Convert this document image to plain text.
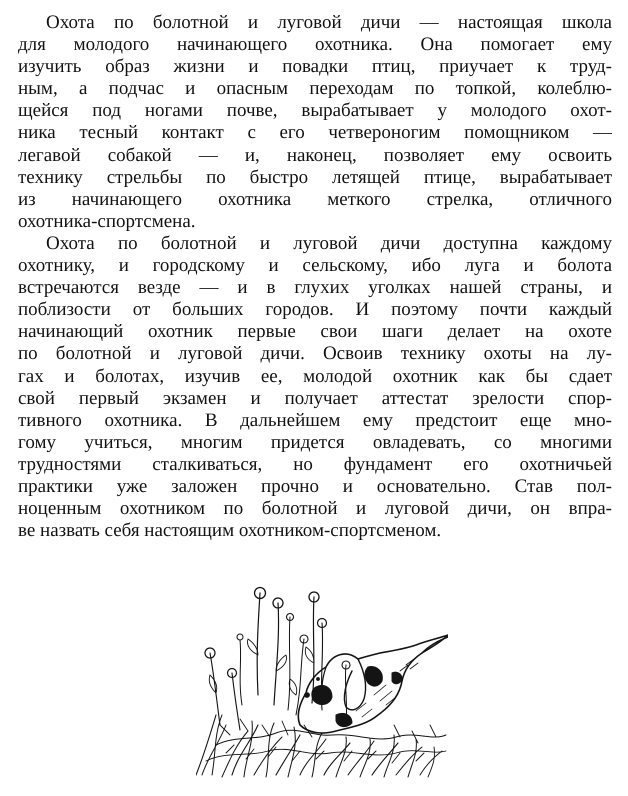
Охота по болотной и луговой дичи — настоящая школа
для молодого начинающего охотника. Она помогает ему
изучить образ жизни и повадки птиц, приучает к труд-
ным, а подчас и опасным переходам по топкой, колеблю-
щейся под ногами почве, вырабатывает у молодого охот-
ника тесный контакт с его четвероногим помощником —
легавой собакой — и, наконец, позволяет ему освоить
технику стрельбы по быстро летящей птице, вырабатывает
из начинающего охотника меткого стрелка, отличного
охотника-спортсмена.

Охота по болотной и луговой дичи доступна каждому
охотнику, и городскому и сельскому, ибо луга и болота
встречаются везде — и в глухих уголках нашей страны, и
поблизости от больших городов. И поэтому почти каждый
начинающий охотник первые свои шаги делает на охоте
по болотной и луговой дичи. Освоив технику охоты на лу-
гах и болотах, изучив ее, молодой охотник как бы сдает
свой первый экзамен и получает аттестат зрелости спор-
тивного охотника. В дальнейшем ему предстоит еще мно-
гому учиться, многим придется овладевать, со многими
трудностями сталкиваться, но фундамент его охотничьей
практики уже заложен прочно и основательно. Став пол-
ноценным охотником по болотной и луговой дичи, он впра-
ве назвать себя настоящим охотником-спортсменом.
